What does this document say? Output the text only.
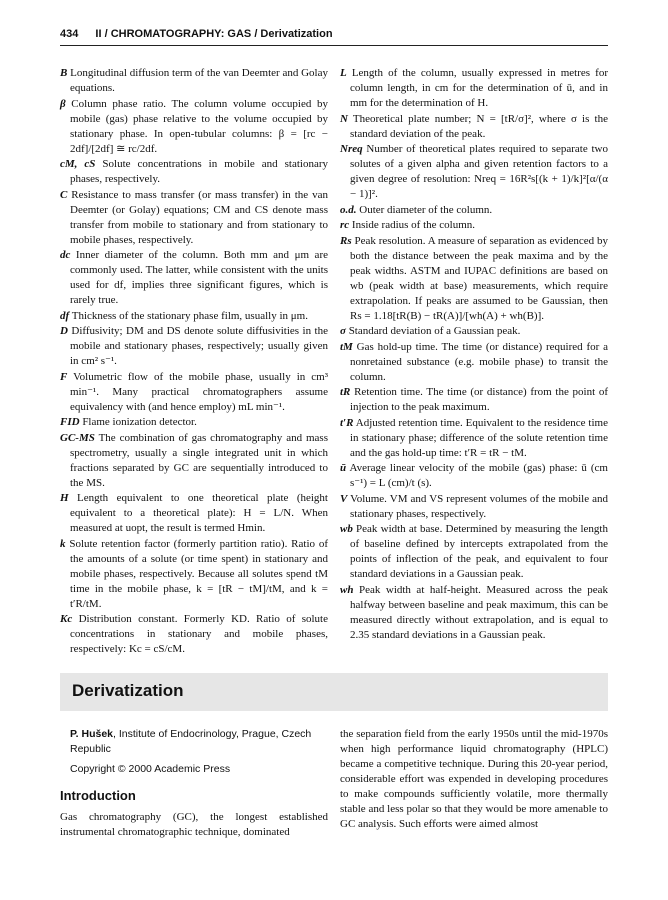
434 II / CHROMATOGRAPHY: GAS / Derivatization

B Longitudinal diffusion term of the van Deemter and Golay equations.

β Column phase ratio. The column volume occupied by mobile (gas) phase relative to the volume occupied by stationary phase. In open-tubular columns: β = [rc − 2df]/[2df] ≅ rc/2df.

cM, cS Solute concentrations in mobile and stationary phases, respectively.

C Resistance to mass transfer (or mass transfer) in the van Deemter (or Golay) equations; CM and CS denote mass transfer from mobile to stationary and from stationary to mobile phases, respectively.

dc Inner diameter of the column. Both mm and μm are commonly used. The latter, while consistent with the units used for df, implies three significant figures, which is rarely true.

df Thickness of the stationary phase film, usually in μm.

D Diffusivity; DM and DS denote solute diffusivities in the mobile and stationary phases, respectively; usually given in cm² s⁻¹.

F Volumetric flow of the mobile phase, usually in cm³ min⁻¹. Many practical chromatographers assume equivalency with (and hence employ) mL min⁻¹.

FID Flame ionization detector.

GC-MS The combination of gas chromatography and mass spectrometry, usually a single integrated unit in which fractions separated by GC are sequentially introduced to the MS.

H Length equivalent to one theoretical plate (height equivalent to a theoretical plate): H = L/N. When measured at uopt, the result is termed Hmin.

k Solute retention factor (formerly partition ratio). Ratio of the amounts of a solute (or time spent) in stationary and mobile phases, respectively. Because all solutes spend tM time in the mobile phase, k = [tR − tM]/tM, and k = t′R/tM.

Kc Distribution constant. Formerly KD. Ratio of solute concentrations in stationary and mobile phases, respectively: Kc = cS/cM.

L Length of the column, usually expressed in metres for column length, in cm for the determination of ū, and in mm for the determination of H.

N Theoretical plate number; N = [tR/σ]², where σ is the standard deviation of the peak.

Nreq Number of theoretical plates required to separate two solutes of a given alpha and given retention factors to a given degree of resolution: Nreq = 16R²s[(k + 1)/k]²[α/(α − 1)]².

o.d. Outer diameter of the column.

rc Inside radius of the column.

Rs Peak resolution. A measure of separation as evidenced by both the distance between the peak maxima and by the peak widths. ASTM and IUPAC definitions are based on wb (peak width at base) measurements, which require extrapolation. If peaks are assumed to be Gaussian, then Rs = 1.18[tR(B) − tR(A)]/[wh(A) + wh(B)].

σ Standard deviation of a Gaussian peak.

tM Gas hold-up time. The time (or distance) required for a nonretained substance (e.g. mobile phase) to transit the column.

tR Retention time. The time (or distance) from the point of injection to the peak maximum.

t′R Adjusted retention time. Equivalent to the residence time in stationary phase; difference of the solute retention time and the gas hold-up time: t′R = tR − tM.

ū Average linear velocity of the mobile (gas) phase: ū (cm s⁻¹) = L (cm)/t (s).

V Volume. VM and VS represent volumes of the mobile and stationary phases, respectively.

wb Peak width at base. Determined by measuring the length of baseline defined by intercepts extrapolated from the points of inflection of the peak, and equivalent to four standard deviations in a Gaussian peak.

wh Peak width at half-height. Measured across the peak halfway between baseline and peak maximum, this can be measured directly without extrapolation, and is equal to 2.35 standard deviations in a Gaussian peak.

Derivatization
P. Hušek, Institute of Endocrinology, Prague, Czech Republic
Copyright © 2000 Academic Press
Introduction
Gas chromatography (GC), the longest established instrumental chromatographic technique, dominated
the separation field from the early 1950s until the mid-1970s when high performance liquid chromatography (HPLC) became a competitive technique. During this 20-year period, considerable effort was expended in developing procedures to make compounds sufficiently volatile, more thermally stable and less polar so that they would be more amenable to GC analysis. Such efforts were aimed almost
